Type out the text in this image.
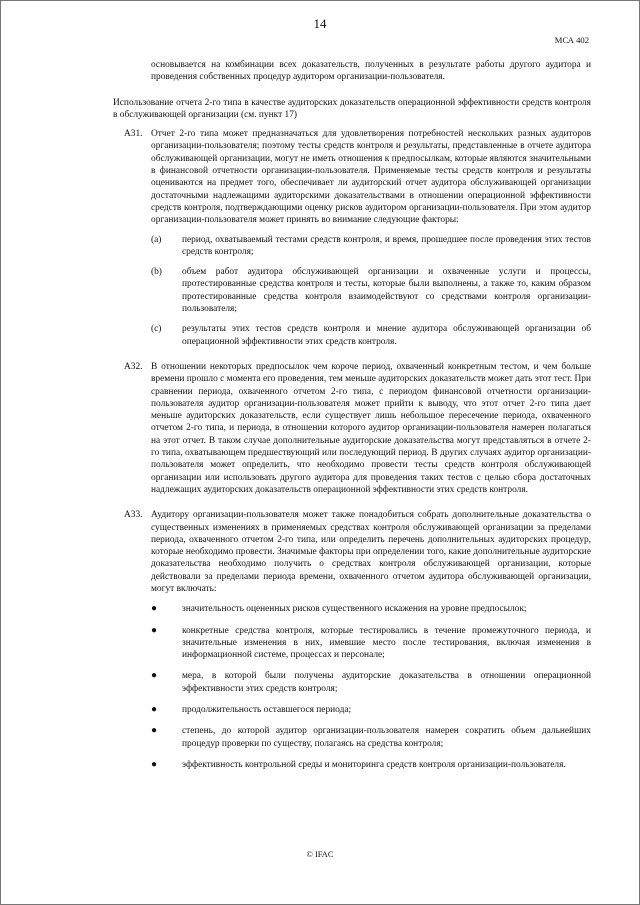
14
МСА 402

основывается на комбинации всех доказательств, полученных в результате работы другого аудитора и проведения собственных процедур аудитором организации-пользователя.

Использование отчета 2-го типа в качестве аудиторских доказательств операционной эффективности средств контроля в обслуживающей организации (см. пункт 17)

A31. Отчет 2-го типа может предназначаться для удовлетворения потребностей нескольких разных аудиторов организации-пользователя; поэтому тесты средств контроля и результаты, представленные в отчете аудитора обслуживающей организации, могут не иметь отношения к предпосылкам, которые являются значительными в финансовой отчетности организации-пользователя. Применяемые тесты средств контроля и результаты оцениваются на предмет того, обеспечивает ли аудиторский отчет аудитора обслуживающей организации достаточными надлежащими аудиторскими доказательствами в отношении операционной эффективности средств контроля, подтверждающими оценку рисков аудитором организации-пользователя. При этом аудитор организации-пользователя может принять во внимание следующие факторы:

(a)	период, охватываемый тестами средств контроля, и время, прошедшее после проведения этих тестов средств контроля;
(b)	объем работ аудитора обслуживающей организации и охваченные услуги и процессы, протестированные средства контроля и тесты, которые были выполнены, а также то, каким образом протестированные средства контроля взаимодействуют со средствами контроля организации-пользователя;
(c)	результаты этих тестов средств контроля и мнение аудитора обслуживающей организации об операционной эффективности этих средств контроля.
A32. В отношении некоторых предпосылок чем короче период, охваченный конкретным тестом, и чем больше времени прошло с момента его проведения, тем меньше аудиторских доказательств может дать этот тест. При сравнении периода, охваченного отчетом 2-го типа, с периодом финансовой отчетности организации-пользователя аудитор организации-пользователя может прийти к выводу, что этот отчет 2-го типа дает меньше аудиторских доказательств, если существует лишь небольшое пересечение периода, охваченного отчетом 2-го типа, и периода, в отношении которого аудитор организации-пользователя намерен полагаться на этот отчет. В таком случае дополнительные аудиторские доказательства могут представляться в отчете 2-го типа, охватывающем предшествующий или последующий период. В других случаях аудитор организации-пользователя может определить, что необходимо провести тесты средств контроля обслуживающей организации или использовать другого аудитора для проведения таких тестов с целью сбора достаточных надлежащих аудиторских доказательств операционной эффективности этих средств контроля.

A33. Аудитору организации-пользователя может также понадобиться собрать дополнительные доказательства о существенных изменениях в применяемых средствах контроля обслуживающей организации за пределами периода, охваченного отчетом 2-го типа, или определить перечень дополнительных аудиторских процедур, которые необходимо провести. Значимые факторы при определении того, какие дополнительные аудиторские доказательства необходимо получить о средствах контроля обслуживающей организации, которые действовали за пределами периода времени, охваченного отчетом аудитора обслуживающей организации, могут включать:

●	значительность оцененных рисков существенного искажения на уровне предпосылок;
●	конкретные средства контроля, которые тестировались в течение промежуточного периода, и значительные изменения в них, имевшие место после тестирования, включая изменения в информационной системе, процессах и персонале;
●	мера, в которой были получены аудиторские доказательства в отношении операционной эффективности этих средств контроля;
●	продолжительность оставшегося периода;
●	степень, до которой аудитор организации-пользователя намерен сократить объем дальнейших процедур проверки по существу, полагаясь на средства контроля;
●	эффективность контрольной среды и мониторинга средств контроля организации-пользователя.
© IFAC
